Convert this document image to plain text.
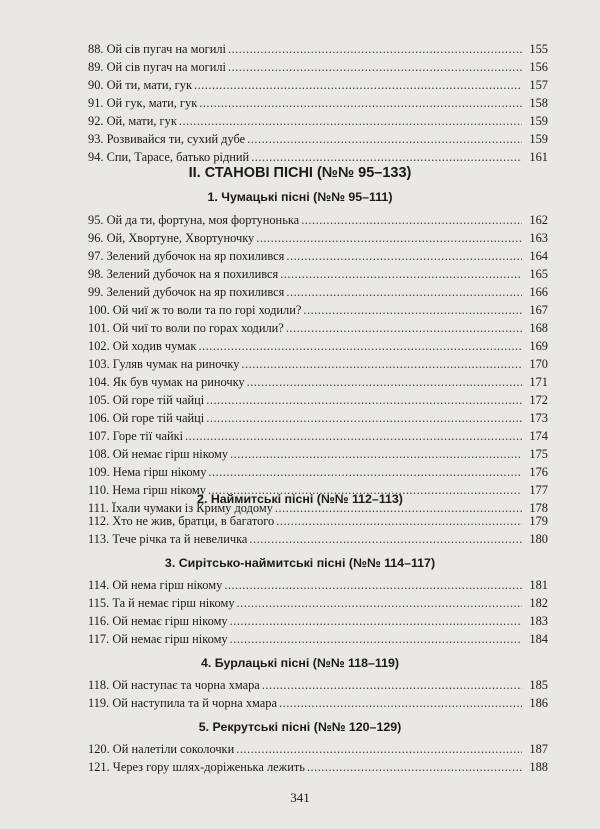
88. Ой сів пугач на могилі .....	155
89. Ой сів пугач на могилі .....	156
90. Ой ти, мати, гук .....	157
91. Ой гук, мати, гук .....	158
92. Ой, мати, гук .....	159
93. Розвивайся ти, сухий дубе .....	159
94. Спи, Тарасе, батько рідний .....	161
II. СТАНОВІ ПІСНІ (№№ 95–133)
1. Чумацькі пісні (№№ 95–111)
95. Ой да ти, фортуна, моя фортунонька .....	162
96. Ой, Хвортуне, Хвортуночку .....	163
97. Зелений дубочок на яр похилився .....	164
98. Зелений дубочок на я похилився .....	165
99. Зелений дубочок на яр похилився .....	166
100. Ой чиї ж то воли та по горі ходили? .....	167
101. Ой чиї то воли по горах ходили? .....	168
102. Ой ходив чумак .....	169
103. Гуляв чумак на риночку .....	170
104. Як був чумак на риночку .....	171
105. Ой горе тій чайці .....	172
106. Ой горе тій чайці .....	173
107. Горе тії чайкі .....	174
108. Ой немає гірш нікому .....	175
109. Нема гірш нікому .....	176
110. Нема гірш нікому .....	177
111. Їхали чумаки із Криму додому .....	178
2. Наймитські пісні (№№ 112–113)
112. Хто не жив, братци, в багатого .....	179
113. Тече річка та й невеличка .....	180
3. Сирітсько-наймитські пісні (№№ 114–117)
114. Ой нема гірш нікому .....	181
115. Та й немає гірш нікому .....	182
116. Ой немає гірш нікому .....	183
117. Ой немає гірш нікому .....	184
4. Бурлацькі пісні (№№ 118–119)
118. Ой наступає та чорна хмара .....	185
119. Ой наступила та й чорна хмара .....	186
5. Рекрутські пісні (№№ 120–129)
120. Ой налетіли соколочки .....	187
121. Через гору шлях-доріженька лежить .....	188
341
